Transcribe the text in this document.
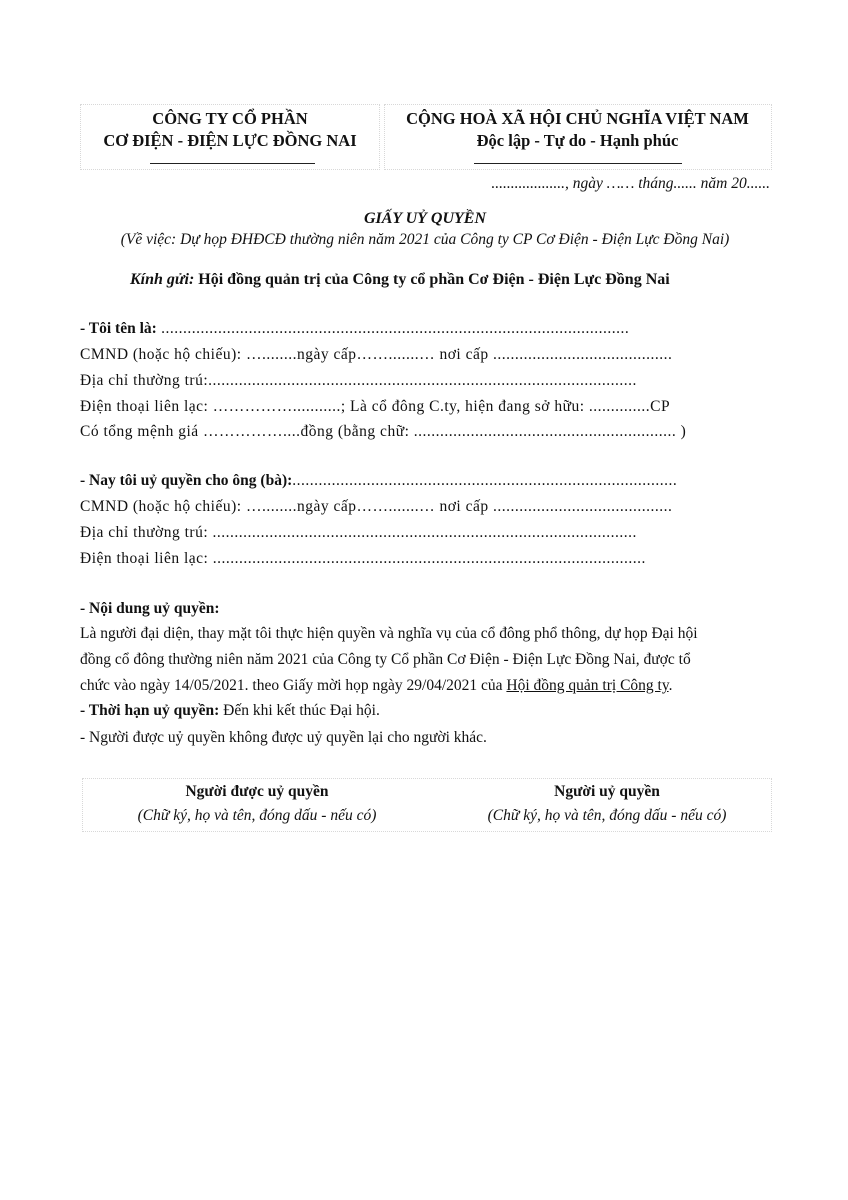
CÔNG TY CỔ PHẦN
CƠ ĐIỆN - ĐIỆN LỰC ĐỒNG NAI
CỘNG HOÀ XÃ HỘI CHỦ NGHĨA VIỆT NAM
Độc lập - Tự do - Hạnh phúc
..................., ngày …… tháng...... năm 20......
GIẤY UỶ QUYỀN
(Về việc: Dự họp ĐHĐCĐ thường niên năm 2021 của Công ty CP Cơ Điện - Điện Lực Đồng Nai)
Kính gửi: Hội đồng quản trị của Công ty cổ phần Cơ Điện - Điện Lực Đồng Nai
- Tôi tên là: ...........................................................................................................
CMND (hoặc hộ chiếu): …........ngày cấp…….......… nơi cấp .........................................
Địa chỉ thường trú:..................................................................................................
Điện thoại liên lạc: ……………...........; Là cổ đông C.ty, hiện đang sở hữu: ..............CP
Có tổng mệnh giá ……………....đồng (bằng chữ: ............................................................ )
- Nay tôi uỷ quyền cho ông (bà):........................................................................................
CMND (hoặc hộ chiếu): …........ngày cấp…….......… nơi cấp .........................................
Địa chỉ thường trú: .................................................................................................
Điện thoại liên lạc: ...................................................................................................
- Nội dung uỷ quyền:
Là người đại diện, thay mặt tôi thực hiện quyền và nghĩa vụ của cổ đông phổ thông, dự họp Đại hội
đồng cổ đông thường niên năm 2021 của Công ty Cổ phần Cơ Điện - Điện Lực Đồng Nai, được tổ
chức vào ngày 14/05/2021. theo Giấy mời họp ngày 29/04/2021 của Hội đồng quản trị Công ty.
- Thời hạn uỷ quyền: Đến khi kết thúc Đại hội.
- Người được uỷ quyền không được uỷ quyền lại cho người khác.
Người được uỷ quyền
(Chữ ký, họ và tên, đóng dấu - nếu có)
Người uỷ quyền
(Chữ ký, họ và tên, đóng dấu - nếu có)
